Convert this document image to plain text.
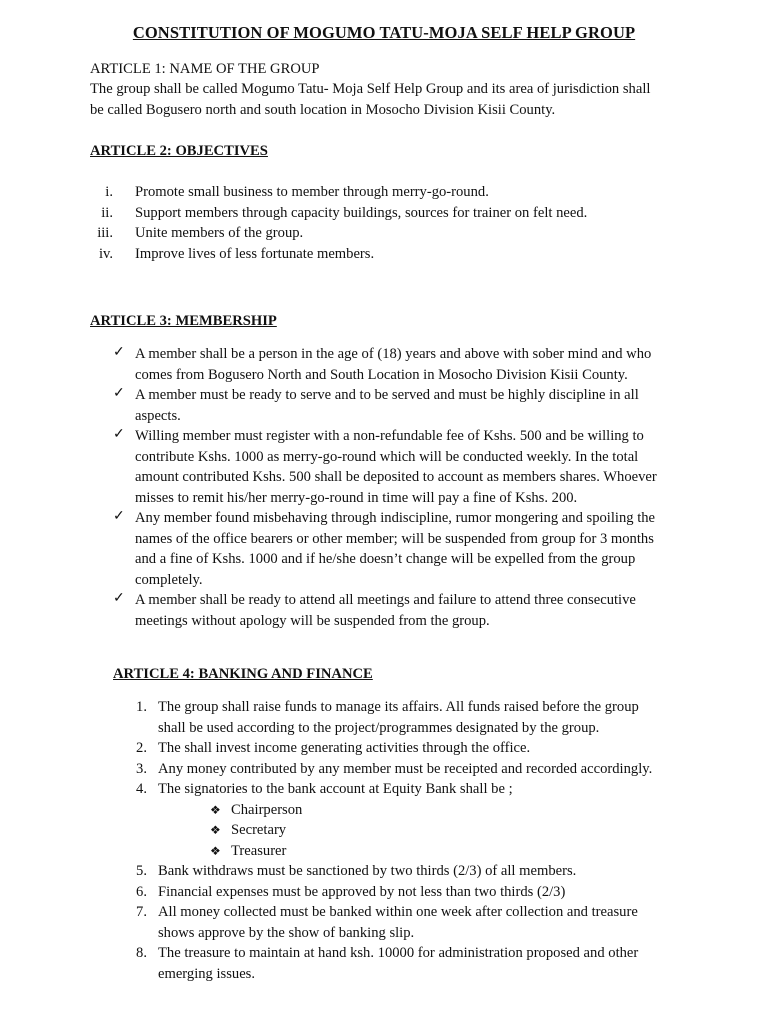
CONSTITUTION OF MOGUMO TATU-MOJA SELF HELP GROUP
ARTICLE 1: NAME OF THE GROUP
The group shall be called Mogumo Tatu- Moja Self Help Group and its area of jurisdiction shall
be called Bogusero north and south location in Mosocho Division Kisii County.
ARTICLE 2: OBJECTIVES
i. Promote small business to member through merry-go-round.
ii. Support members through capacity buildings, sources for trainer on felt need.
iii. Unite members of the group.
iv. Improve lives of less fortunate members.
ARTICLE 3: MEMBERSHIP
✓ A member shall be a person in the age of (18) years and above with sober mind and who
comes from Bogusero North and South Location in Mosocho Division Kisii County.
✓ A member must be ready to serve and to be served and must be highly discipline in all
aspects.
✓ Willing member must register with a non-refundable fee of Kshs. 500 and be willing to
contribute Kshs. 1000 as merry-go-round which will be conducted weekly. In the total
amount contributed Kshs. 500 shall be deposited to account as members shares. Whoever
misses to remit his/her merry-go-round in time will pay a fine of Kshs. 200.
✓ Any member found misbehaving through indiscipline, rumor mongering and spoiling the
names of the office bearers or other member; will be suspended from group for 3 months
and a fine of Kshs. 1000 and if he/she doesn’t change will be expelled from the group
completely.
✓ A member shall be ready to attend all meetings and failure to attend three consecutive
meetings without apology will be suspended from the group.
ARTICLE 4: BANKING AND FINANCE
1. The group shall raise funds to manage its affairs. All funds raised before the group
shall be used according to the project/programmes designated by the group.
2. The shall invest income generating activities through the office.
3. Any money contributed by any member must be receipted and recorded accordingly.
4. The signatories to the bank account at Equity Bank shall be ;
❖ Chairperson
❖ Secretary
❖ Treasurer
5. Bank withdraws must be sanctioned by two thirds (2/3) of all members.
6. Financial expenses must be approved by not less than two thirds (2/3)
7. All money collected must be banked within one week after collection and treasure
shows approve by the show of banking slip.
8. The treasure to maintain at hand ksh. 10000 for administration proposed and other
emerging issues.
